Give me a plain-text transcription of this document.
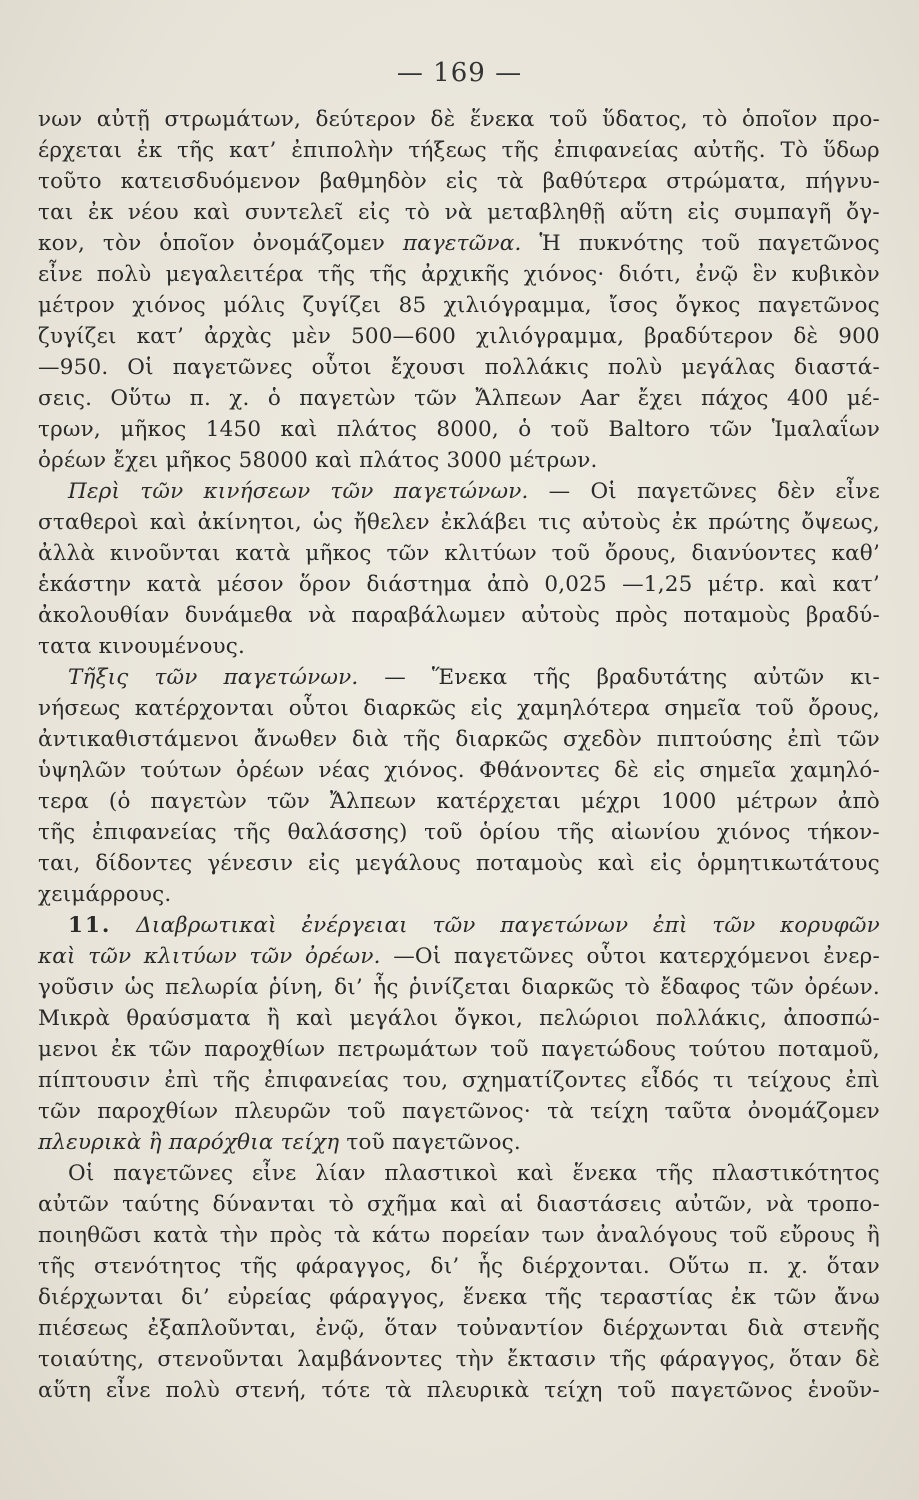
— 169 —
νων αὐτῇ στρωμάτων, δεύτερον δὲ ἕνεκα τοῦ ὕδατος, τὸ ὁποῖον προ-
έρχεται ἐκ τῆς κατ’ ἐπιπολὴν τήξεως τῆς ἐπιφανείας αὐτῆς. Τὸ ὕδωρ
τοῦτο κατεισδυόμενον βαθμηδὸν εἰς τὰ βαθύτερα στρώματα, πήγνυ-
ται ἐκ νέου καὶ συντελεῖ εἰς τὸ νὰ μεταβληθῇ αὕτη εἰς συμπαγῆ ὄγ-
κον, τὸν ὁποῖον ὀνομάζομεν παγετῶνα. Ἡ πυκνότης τοῦ παγετῶνος
εἶνε πολὺ μεγαλειτέρα τῆς τῆς ἀρχικῆς χιόνος· διότι, ἐνῷ ἓν κυβικὸν
μέτρον χιόνος μόλις ζυγίζει 85 χιλιόγραμμα, ἴσος ὄγκος παγετῶνος
ζυγίζει κατ’ ἀρχὰς μὲν 500—600 χιλιόγραμμα, βραδύτερον δὲ 900
—950. Οἱ παγετῶνες οὗτοι ἔχουσι πολλάκις πολὺ μεγάλας διαστά-
σεις. Οὕτω π. χ. ὁ παγετὼν τῶν Ἄλπεων Aar ἔχει πάχος 400 μέ-
τρων, μῆκος 1450 καὶ πλάτος 8000, ὁ τοῦ Baltoro τῶν Ἱμαλαΐων
ὀρέων ἔχει μῆκος 58000 καὶ πλάτος 3000 μέτρων.
Περὶ τῶν κινήσεων τῶν παγετώνων. — Οἱ παγετῶνες δὲν εἶνε
σταθεροὶ καὶ ἀκίνητοι, ὡς ἤθελεν ἐκλάβει τις αὐτοὺς ἐκ πρώτης ὄψεως,
ἀλλὰ κινοῦνται κατὰ μῆκος τῶν κλιτύων τοῦ ὄρους, διανύοντες καθ’
ἑκάστην κατὰ μέσον ὅρον διάστημα ἀπὸ 0,025 —1,25 μέτρ. καὶ κατ’
ἀκολουθίαν δυνάμεθα νὰ παραβάλωμεν αὐτοὺς πρὸς ποταμοὺς βραδύ-
τατα κινουμένους.
Τῆξις τῶν παγετώνων. — Ἕνεκα τῆς βραδυτάτης αὐτῶν κι-
νήσεως κατέρχονται οὗτοι διαρκῶς εἰς χαμηλότερα σημεῖα τοῦ ὄρους,
ἀντικαθιστάμενοι ἄνωθεν διὰ τῆς διαρκῶς σχεδὸν πιπτούσης ἐπὶ τῶν
ὑψηλῶν τούτων ὀρέων νέας χιόνος. Φθάνοντες δὲ εἰς σημεῖα χαμηλό-
τερα (ὁ παγετὼν τῶν Ἄλπεων κατέρχεται μέχρι 1000 μέτρων ἀπὸ
τῆς ἐπιφανείας τῆς θαλάσσης) τοῦ ὁρίου τῆς αἰωνίου χιόνος τήκον-
ται, δίδοντες γένεσιν εἰς μεγάλους ποταμοὺς καὶ εἰς ὁρμητικωτάτους
χειμάρρους.
11. Διαβρωτικαὶ ἐνέργειαι τῶν παγετώνων ἐπὶ τῶν κορυφῶν
καὶ τῶν κλιτύων τῶν ὀρέων. —Οἱ παγετῶνες οὗτοι κατερχόμενοι ἐνερ-
γοῦσιν ὡς πελωρία ῥίνη, δι’ ἧς ῥινίζεται διαρκῶς τὸ ἔδαφος τῶν ὀρέων.
Μικρὰ θραύσματα ἢ καὶ μεγάλοι ὄγκοι, πελώριοι πολλάκις, ἀποσπώ-
μενοι ἐκ τῶν παροχθίων πετρωμάτων τοῦ παγετώδους τούτου ποταμοῦ,
πίπτουσιν ἐπὶ τῆς ἐπιφανείας του, σχηματίζοντες εἶδός τι τείχους ἐπὶ
τῶν παροχθίων πλευρῶν τοῦ παγετῶνος· τὰ τείχη ταῦτα ὀνομάζομεν
πλευρικὰ ἢ παρόχθια τείχη τοῦ παγετῶνος.
Οἱ παγετῶνες εἶνε λίαν πλαστικοὶ καὶ ἕνεκα τῆς πλαστικότητος
αὐτῶν ταύτης δύνανται τὸ σχῆμα καὶ αἱ διαστάσεις αὐτῶν, νὰ τροπο-
ποιηθῶσι κατὰ τὴν πρὸς τὰ κάτω πορείαν των ἀναλόγους τοῦ εὔρους ἢ
τῆς στενότητος τῆς φάραγγος, δι’ ἧς διέρχονται. Οὕτω π. χ. ὅταν
διέρχωνται δι’ εὐρείας φάραγγος, ἕνεκα τῆς τεραστίας ἐκ τῶν ἄνω
πιέσεως ἐξαπλοῦνται, ἐνῷ, ὅταν τοὐναντίον διέρχωνται διὰ στενῆς
τοιαύτης, στενοῦνται λαμβάνοντες τὴν ἔκτασιν τῆς φάραγγος, ὅταν δὲ
αὕτη εἶνε πολὺ στενή, τότε τὰ πλευρικὰ τείχη τοῦ παγετῶνος ἑνοῦν-
